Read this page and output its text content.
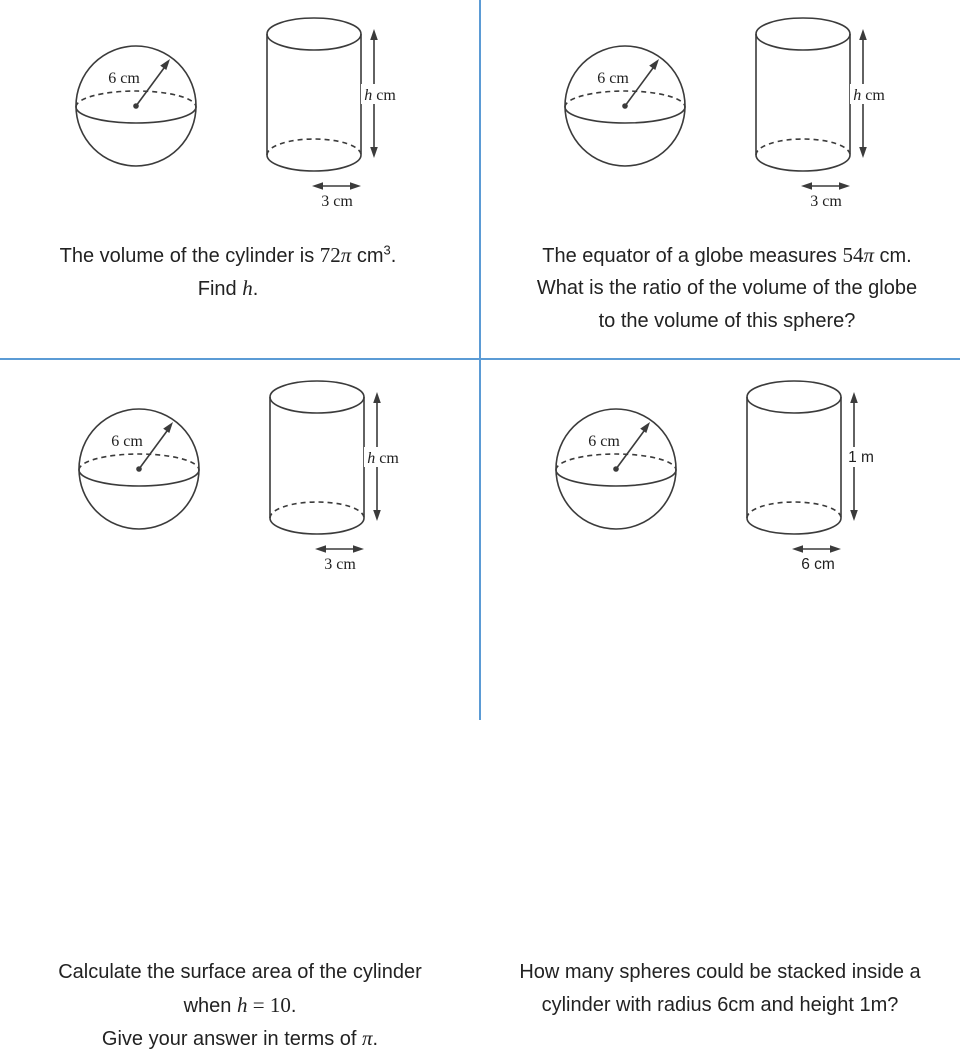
6 cm
h cm
3 cm
The volume of the cylinder is 72π $cm^3$.
Find h.
6 cm
h cm
3 cm
The equator of a globe measures 54π cm.
What is the ratio of the volume of the globe
to the volume of this sphere?
6 cm
h cm
3 cm
Calculate the surface area of the cylinder
when h = 10.
Give your answer in terms of π.
6 cm
1 m
6 cm
How many spheres could be stacked inside a
cylinder with radius 6cm and height 1m?
